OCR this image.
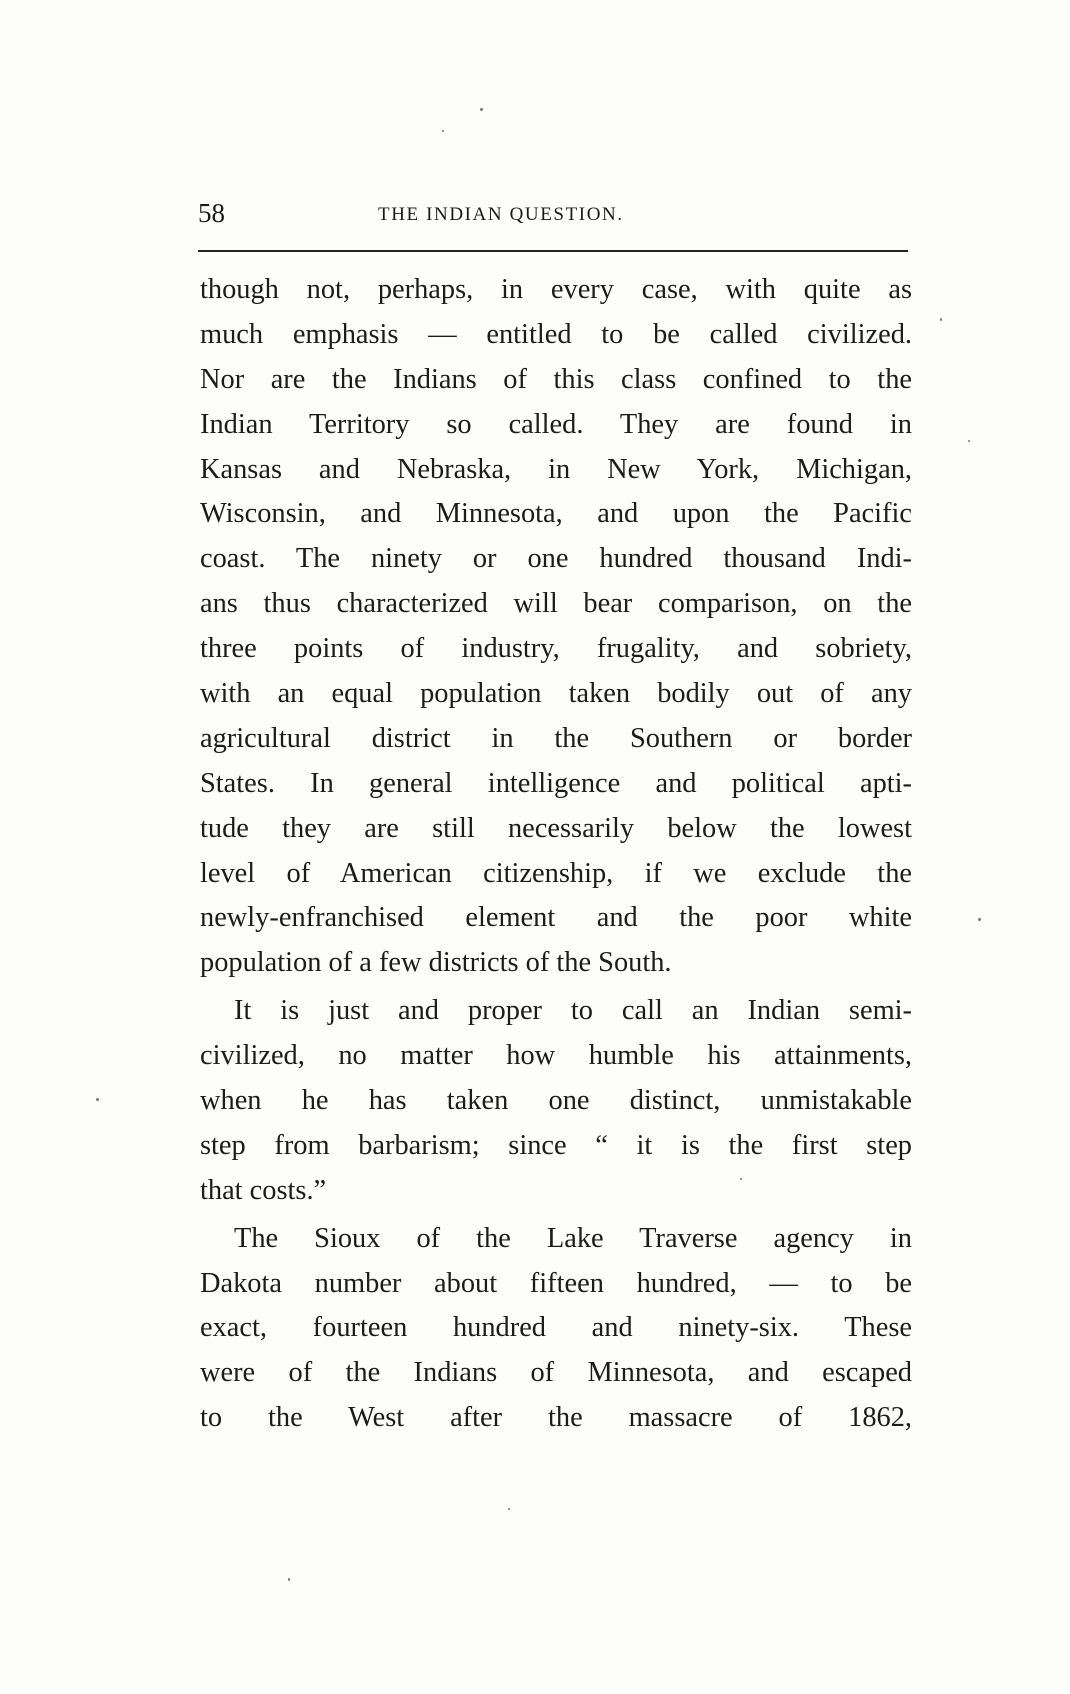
58	THE INDIAN QUESTION.
though not, perhaps, in every case, with quite as
much emphasis — entitled to be called civilized.
Nor are the Indians of this class confined to the
Indian Territory so called. They are found in
Kansas and Nebraska, in New York, Michigan,
Wisconsin, and Minnesota, and upon the Pacific
coast. The ninety or one hundred thousand Indi-
ans thus characterized will bear comparison, on the
three points of industry, frugality, and sobriety,
with an equal population taken bodily out of any
agricultural district in the Southern or border
States. In general intelligence and political apti-
tude they are still necessarily below the lowest
level of American citizenship, if we exclude the
newly-enfranchised element and the poor white
population of a few districts of the South.
It is just and proper to call an Indian semi-
civilized, no matter how humble his attainments,
when he has taken one distinct, unmistakable
step from barbarism; since “ it is the first step
that costs.”
The Sioux of the Lake Traverse agency in
Dakota number about fifteen hundred, — to be
exact, fourteen hundred and ninety-six. These
were of the Indians of Minnesota, and escaped
to the West after the massacre of 1862,
